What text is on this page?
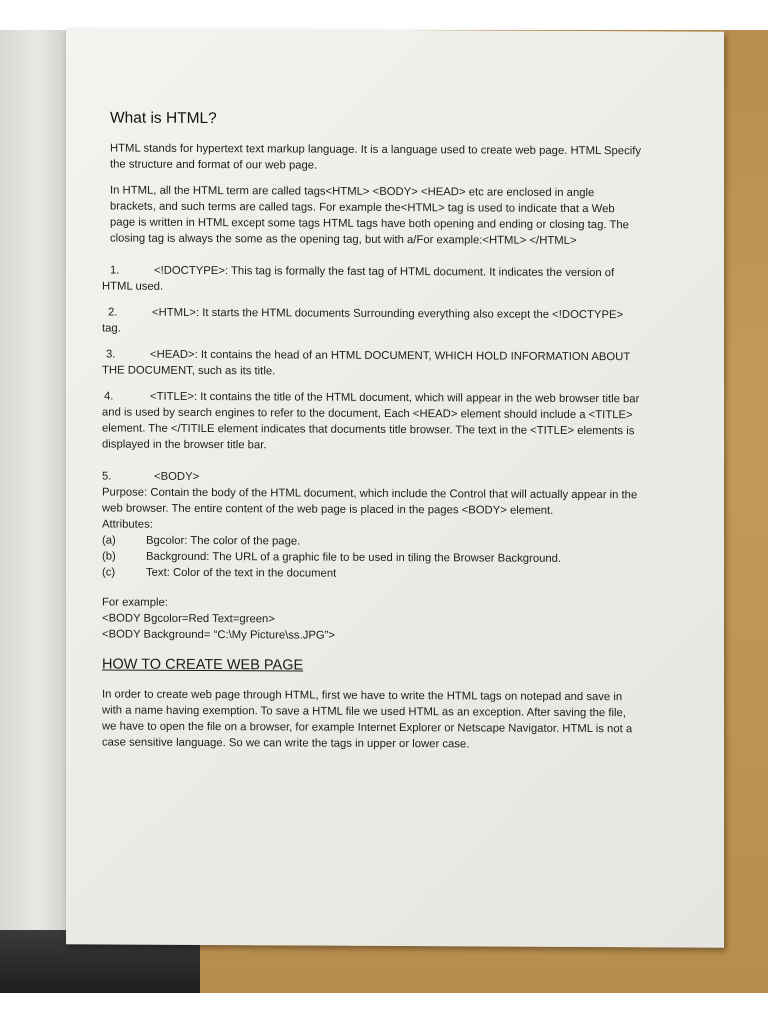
What is HTML?

HTML stands for hypertext text markup language. It is a language used to create web page. HTML Specify the structure and format of our web page.

In HTML, all the HTML term are called tags<HTML> <BODY> <HEAD> etc are enclosed in angle brackets, and such terms are called tags. For example the<HTML> tag is used to indicate that a Web page is written in HTML except some tags HTML tags have both opening and ending or closing tag. The closing tag is always the some as the opening tag, but with a/For example:<HTML> </HTML>

1.	<!DOCTYPE>: This tag is formally the fast tag of HTML document. It indicates the version of HTML used.
2.	<HTML>: It starts the HTML documents Surrounding everything also except the <!DOCTYPE> tag.
3.	<HEAD>: It contains the head of an HTML DOCUMENT, WHICH HOLD INFORMATION ABOUT THE DOCUMENT, such as its title.
4.	<TITLE>: It contains the title of the HTML document, which will appear in the web browser title bar and is used by search engines to refer to the document, Each <HEAD> element should include a <TITLE> element. The </TITILE element indicates that documents title browser. The text in the <TITLE> elements is displayed in the browser title bar.
5.	<BODY>
Purpose: Contain the body of the HTML document, which include the Control that will actually appear in the web browser. The entire content of the web page is placed in the pages <BODY> element.
Attributes:
(a)	Bgcolor: The color of the page.
(b)	Background: The URL of a graphic file to be used in tiling the Browser Background.
(c)	Text: Color of the text in the document
For example:
<BODY Bgcolor=Red Text=green>
<BODY Background= “C:\My Picture\ss.JPG”>
HOW TO CREATE WEB PAGE
In order to create web page through HTML, first we have to write the HTML tags on notepad and save in with a name having exemption. To save a HTML file we used HTML as an exception. After saving the file, we have to open the file on a browser, for example Internet Explorer or Netscape Navigator. HTML is not a case sensitive language. So we can write the tags in upper or lower case.
